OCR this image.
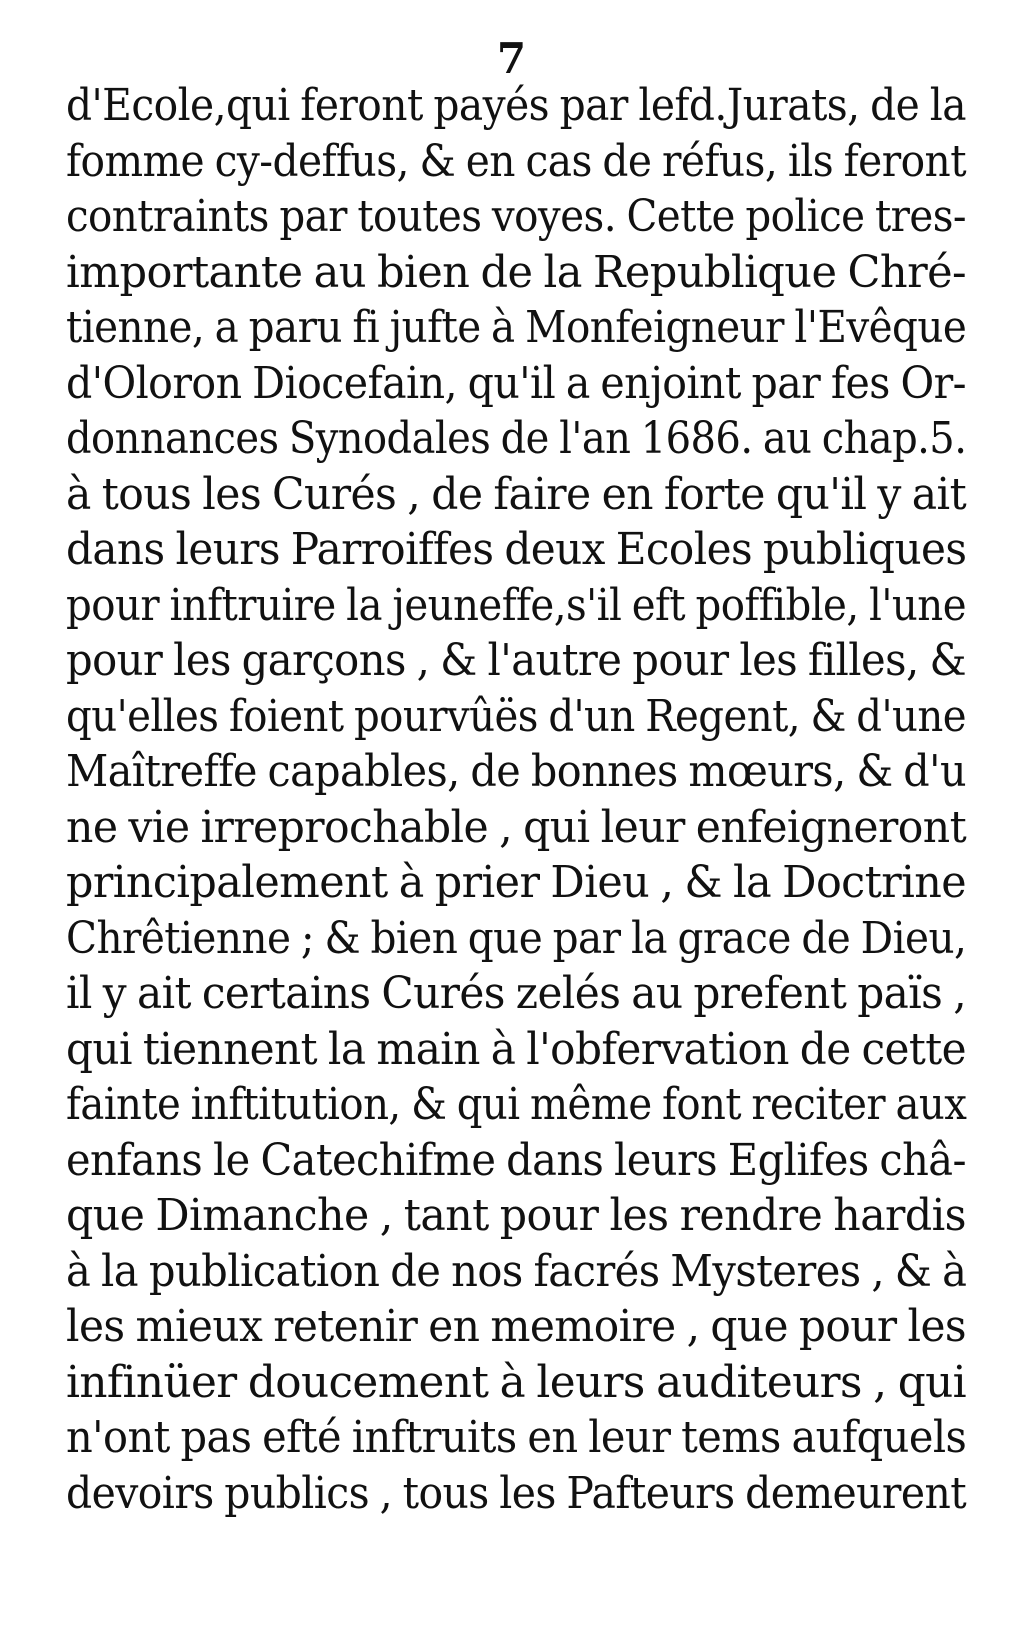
7
d'Ecole,qui feront payés par lefd.Jurats, de la
fomme cy-deffus, & en cas de réfus, ils feront
contraints par toutes voyes. Cette police tres-
importante au bien de la Republique Chré-
tienne, a paru fi jufte à Monfeigneur l'Evêque
d'Oloron Diocefain, qu'il a enjoint par fes Or-
donnances Synodales de l'an 1686. au chap.5.
à tous les Curés , de faire en forte qu'il y ait
dans leurs Parroiffes deux Ecoles publiques
pour inftruire la jeuneffe,s'il eft poffible, l'une
pour les garçons , & l'autre pour les filles, &
qu'elles foient pourvûës d'un Regent, & d'une
Maîtreffe capables, de bonnes mœurs, & d'u
ne vie irreprochable , qui leur enfeigneront
principalement à prier Dieu , & la Doctrine
Chrêtienne ; & bien que par la grace de Dieu,
il y ait certains Curés zelés au prefent païs ,
qui tiennent la main à l'obfervation de cette
fainte inftitution, & qui même font reciter aux
enfans le Catechifme dans leurs Eglifes châ-
que Dimanche , tant pour les rendre hardis
à la publication de nos facrés Mysteres , & à
les mieux retenir en memoire , que pour les
infinüer doucement à leurs auditeurs , qui
n'ont pas efté inftruits en leur tems aufquels
devoirs publics , tous les Pafteurs demeurent
